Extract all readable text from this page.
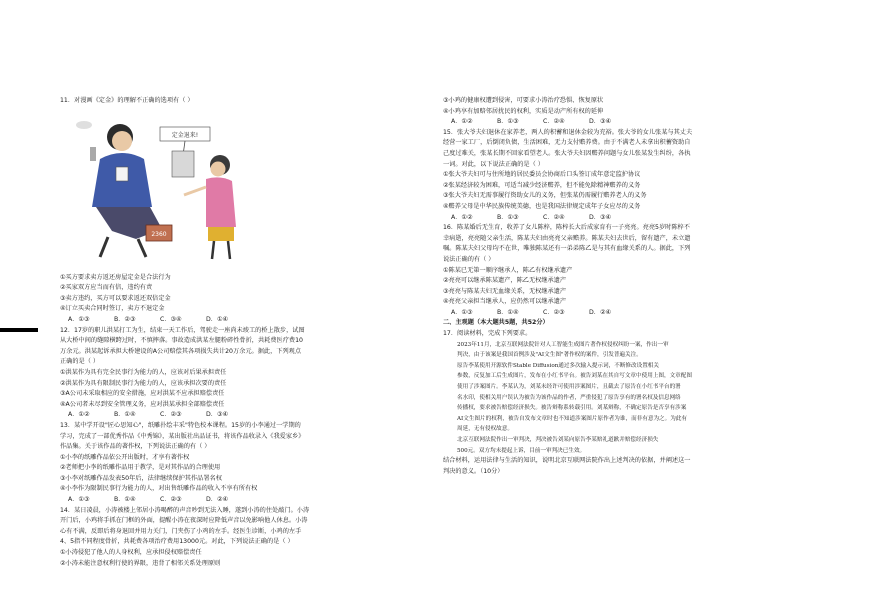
11．对漫画《定金》的理解不正确的选项有（ ）
2360
定金退来!
①买方要求卖方返还房屋定金是合法行为
②买家双方应当而有信，违约有责
③卖方违约，买方可以要求返还双倍定金
④订立买卖合同时签订，卖方不退定金
A．①③	B．②③	C．③④	D．①④
12．17岁的职儿洪某打工为生，结束一天工作后，驾驶走一座尚未竣工的桥上散步，试图
从大桥中间的缝隙横跨过时，不慎摔落。事故造成洪某左腿粉碎性骨折，共耗费医疗费10
万余元。洪某起诉承担大桥建设的A公司赔偿其各项损失共计20万余元。据此，下列观点
正确的是（ ）
①洪某作为具有完全民事行为能力的人，应该对后果承担责任
②洪某作为具有限制民事行为能力的人，应该承担次要的责任
③A公司未采取相应的安全措施，应对洪某不应承担赔偿责任
④A公司者未尽到安全管理义务，应对洪某承担全部赔偿责任
A．①②	B．①④	C．②③	D．③④
13．某中学开设"匠心思知心"，纸雕扑绘丰采"特色校本课程。15岁的小李通过一学期的
学习，完成了一部优秀作品《中秀锦》，某出版社出品证书，将该作品收录入《我爱家乡》
作品集。关于该作品的著作权，下列说法正确的有（ ）
①小李的纸雕作品依公开出版时，才享有著作权
②老师把小李的纸雕作品用于教学，是对其作品的合理使用
③小李对纸雕作品发表50年后，法律继续保护其作品署名权
④小李作为限制民事行为能力的人，对出售纸雕作品的收入不享有所有权
A．①③	B．①④	C．②③	D．②④
14．某日凌晨，小涛被楼上邻居小涛喝醉的声音吵到无法入睡，遂到小涛的住处敲门。小涛
开门后，小鸡将手抓在门框的外面，提醒小涛在夜深时应降低声音以免影响他人休息。小涛
心有不满，反即后将身退回并用力关门，门夹伤了小鸡的左手。经医生诊断，小鸡的左手
4、5指不同程度骨折，共耗费各项治疗费用13000元。对此，下列说法正确的是（ ）
①小涛侵犯了他人的人身权利，应承担侵权赔偿责任
②小涛未能注意权利行使的界限，违背了相邻关系处理原则
③小鸡的健康权遭到侵害，可要求小涛治疗恐惧、恢复原状
④小鸡享有加赔邻居扰民的权利，实质是动产所有权的延伸
A．①②	B．①③	C．②④	D．③④
15．张大爷夫妇退休在家养老，两人的积蓄和退休金较为充裕。张大爷的女儿张某与其丈夫
经营一家工厂，后倒闭负债，生活困难，无力支付赡养费。由于不满老人未拿出积蓄资助自
己度过难关，张某长期不回家看望老人。张大爷夫妇因赡养问题与女儿张某发生纠纷，各执
一词。对此，以下说法正确的是（ ）
①张大爷夫妇可与住所地的居民委员会协商后口头签订成年意定监护协议
②张某经济较为困难，可适当减少经济赡养，但不能免除精神赡养的义务
③张大爷夫妇无需事履行资助女儿的义务，但张某仍需履行赡养老人的义务
④赡养父母是中华民族传统美德，也是我国法律规定成年子女应尽的义务
A．①②	B．①③	C．②④	D．③④
16．陈某婚后无生育，收养了女儿陈梓，陈梓长大后成家育有一子亮亮。亮亮5岁时陈梓不
幸病逝，亮亮随父亲生活，陈某夫妇由亮亮父亲赡养。陈某夫妇去世后，留有遗产，未立遗
嘱。陈某夫妇父母均不在世，唯独陈某还有一弟弟陈乙是与其有血缘关系的人。据此，下列
说法正确的有（ ）
①陈某已无第一顺序继承人，陈乙有权继承遗产
②亮亮可以继承陈某遗产，陈乙无权继承遗产
③亮亮与陈某夫妇无血缘关系，无权继承遗产
④亮亮父亲担当继承人，应仍然可以继承遗产
A．①③	B．①④	C．②③	D．②④
二、主观题（本大题共5题，共52分）
17．阅读材料，完成下列要求。
2023年11月，北京互联网法院针对人工智能生成图片著作权侵权纠纷一案，作出一审
判决，由于该案是我国首例涉及"AI文生图"著作权的案件，引发普遍关注。
原告李某使用开源软件Stable Diffusion通过多次输入提示词，不断修改设置相关
参数，反复加工后生成图片，发布在小红书平台。被告刘某在其自写文章中使用上图，文章配图
使用了涉案图片。李某认为，刘某未经许可使用涉案图片，且截去了原告在小红书平台的署
名水印，使相关用户误认为被告为该作品的作者，严重侵犯了原告享有的署名权及信息网络
传播权，要求被告赔偿经济损失。被告辩称系转载引用。刘某辩称，不确定原告是否享有涉案
AI文生图片的权利，被告自发布文章时也不知道涉案图片原作者为谁，而非有意为之。为此有
周延，无有侵权故意。
北京互联网法院作出一审判决，判决被告刘某向原告李某赔礼道歉并赔偿经济损失
500元。双方均未提起上诉，目前一审判决已生效。
结合材料，运用法律与生活的知识，说明北京互联网法院作出上述判决的依据，并阐述这一
判决的意义。（10分）
